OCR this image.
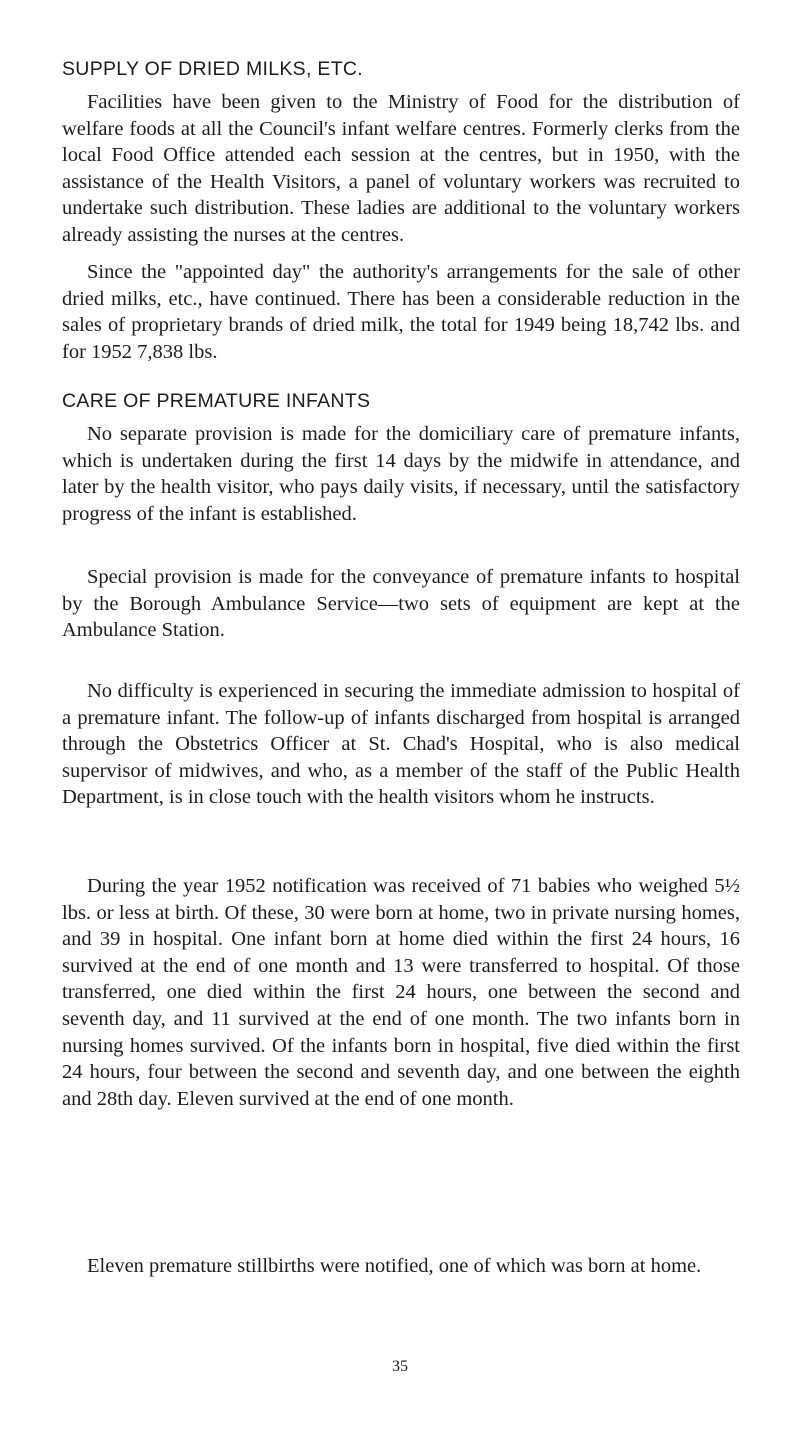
SUPPLY OF DRIED MILKS, ETC.

Facilities have been given to the Ministry of Food for the distribution of welfare foods at all the Council's infant welfare centres. Formerly clerks from the local Food Office attended each session at the centres, but in 1950, with the assistance of the Health Visitors, a panel of voluntary workers was recruited to undertake such distribution. These ladies are additional to the voluntary workers already assisting the nurses at the centres.

Since the "appointed day" the authority's arrangements for the sale of other dried milks, etc., have continued. There has been a considerable reduction in the sales of proprietary brands of dried milk, the total for 1949 being 18,742 lbs. and for 1952 7,838 lbs.

CARE OF PREMATURE INFANTS

No separate provision is made for the domiciliary care of premature infants, which is undertaken during the first 14 days by the midwife in attendance, and later by the health visitor, who pays daily visits, if necessary, until the satisfactory progress of the infant is established.

Special provision is made for the conveyance of premature infants to hospital by the Borough Ambulance Service—two sets of equipment are kept at the Ambulance Station.

No difficulty is experienced in securing the immediate admission to hospital of a premature infant. The follow-up of infants discharged from hospital is arranged through the Obstetrics Officer at St. Chad's Hospital, who is also medical supervisor of midwives, and who, as a member of the staff of the Public Health Department, is in close touch with the health visitors whom he instructs.

During the year 1952 notification was received of 71 babies who weighed 5½ lbs. or less at birth. Of these, 30 were born at home, two in private nursing homes, and 39 in hospital. One infant born at home died within the first 24 hours, 16 survived at the end of one month and 13 were transferred to hospital. Of those transferred, one died within the first 24 hours, one between the second and seventh day, and 11 survived at the end of one month. The two infants born in nursing homes survived. Of the infants born in hospital, five died within the first 24 hours, four between the second and seventh day, and one between the eighth and 28th day. Eleven survived at the end of one month.

Eleven premature stillbirths were notified, one of which was born at home.

35
